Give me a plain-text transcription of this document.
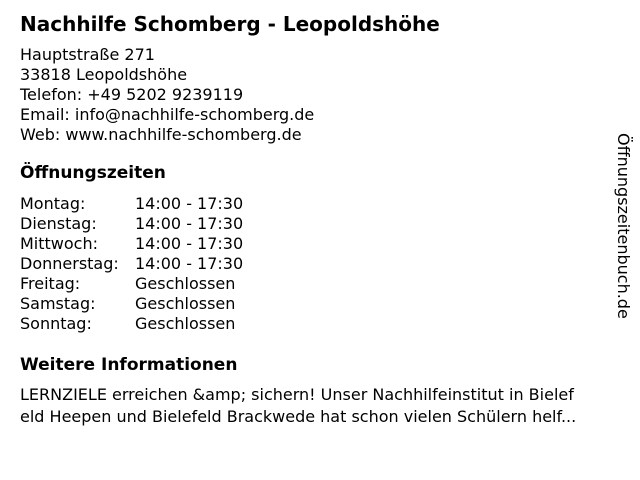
Nachhilfe Schomberg - Leopoldshöhe
Hauptstraße 271
33818 Leopoldshöhe
Telefon: +49 5202 9239119
Email: info@nachhilfe-schomberg.de
Web: www.nachhilfe-schomberg.de
Öffnungszeiten
Montag:	14:00 - 17:30
Dienstag:	14:00 - 17:30
Mittwoch:	14:00 - 17:30
Donnerstag:	14:00 - 17:30
Freitag:	Geschlossen
Samstag:	Geschlossen
Sonntag:	Geschlossen
Weitere Informationen
LERNZIELE erreichen &amp; sichern! Unser Nachhilfeinstitut in Bielef
eld Heepen und Bielefeld Brackwede hat schon vielen Schülern helf...
Öffnungszeitenbuch.de
